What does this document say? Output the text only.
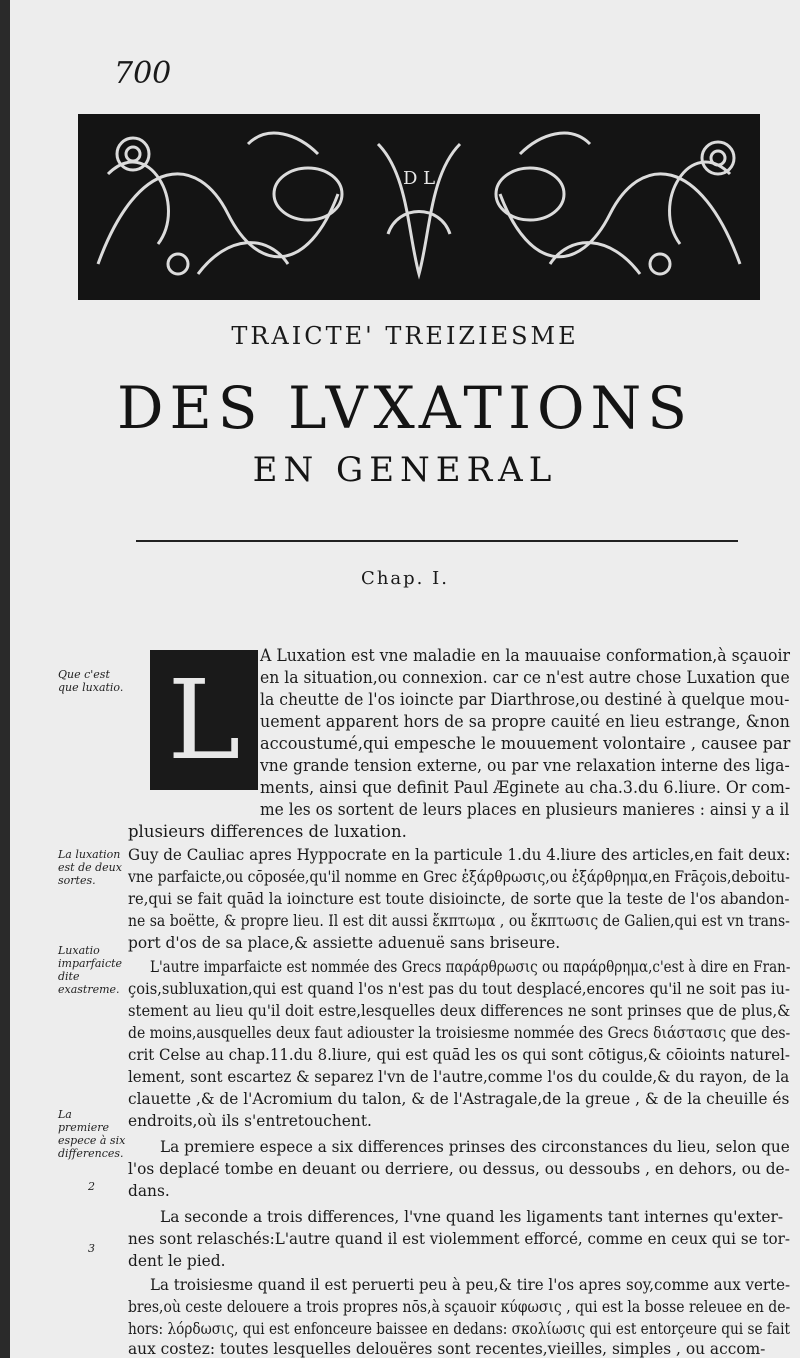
700
D L
TRAICTE' TREIZIESME
DES LVXATIONS
EN GENERAL
Chap. I.
L
Que c'est que luxatio.
La luxation est de deux sortes.
Luxatio imparfaicte dite exastreme.
La premiere espece à six differences.
2
3
A Luxation est vne maladie en la mauuaise conformation,à sçauoir
en la situation,ou connexion. car ce n'est autre chose Luxation que
la cheutte de l'os ioincte par Diarthrose,ou destiné à quelque mou-
uement apparent hors de sa propre cauité en lieu estrange, &non
accoustumé,qui empesche le mouuement volontaire , causee par
vne grande tension externe, ou par vne relaxation interne des liga-
ments, ainsi que definit Paul Æginete au cha.3.du 6.liure. Or com-
me les os sortent de leurs places en plusieurs manieres : ainsi y a il
plusieurs differences de luxation.
Guy de Cauliac apres Hyppocrate en la particule 1.du 4.liure des articles,en fait deux:
vne parfaicte,ou cōposée,qu'il nomme en Grec ἐξάρθρωσις,ou ἐξάρθρημα,en Frāçois,deboitu-
re,qui se fait quād la ioincture est toute disioincte, de sorte que la teste de l'os abandon-
ne sa boëtte, & propre lieu. Il est dit aussi ἔκπτωμα , ou ἔκπτωσις de Galien,qui est vn trans-
port d'os de sa place,& assiette aduenuë sans briseure.
L'autre imparfaicte est nommée des Grecs παράρθρωσις ou παράρθρημα,c'est à dire en Fran-
çois,subluxation,qui est quand l'os n'est pas du tout desplacé,encores qu'il ne soit pas iu-
stement au lieu qu'il doit estre,lesquelles deux differences ne sont prinses que de plus,&
de moins,ausquelles deux faut adiouster la troisiesme nommée des Grecs διάστασις que des-
crit Celse au chap.11.du 8.liure, qui est quād les os qui sont cōtigus,& cōioints naturel-
lement, sont escartez & separez l'vn de l'autre,comme l'os du coulde,& du rayon, de la
clauette ,& de l'Acromium du talon, & de l'Astragale,de la greue , & de la cheuille és
endroits,où ils s'entretouchent.
La premiere espece a six differences prinses des circonstances du lieu, selon que
l'os deplacé tombe en deuant ou derriere, ou dessus, ou dessoubs , en dehors, ou de-
dans.
La seconde a trois differences, l'vne quand les ligaments tant internes qu'exter-
nes sont relaschés:L'autre quand il est violemment efforcé, comme en ceux qui se tor-
dent le pied.
La troisiesme quand il est peruerti peu à peu,& tire l'os apres soy,comme aux verte-
bres,où ceste delouere a trois propres nōs,à sçauoir κύφωσις , qui est la bosse releuee en de-
hors: λόρδωσις, qui est enfonceure baissee en dedans: σκολίωσις qui est entorçeure qui se fait
aux costez: toutes lesquelles delouëres sont recentes,vieilles, simples , ou accom-
